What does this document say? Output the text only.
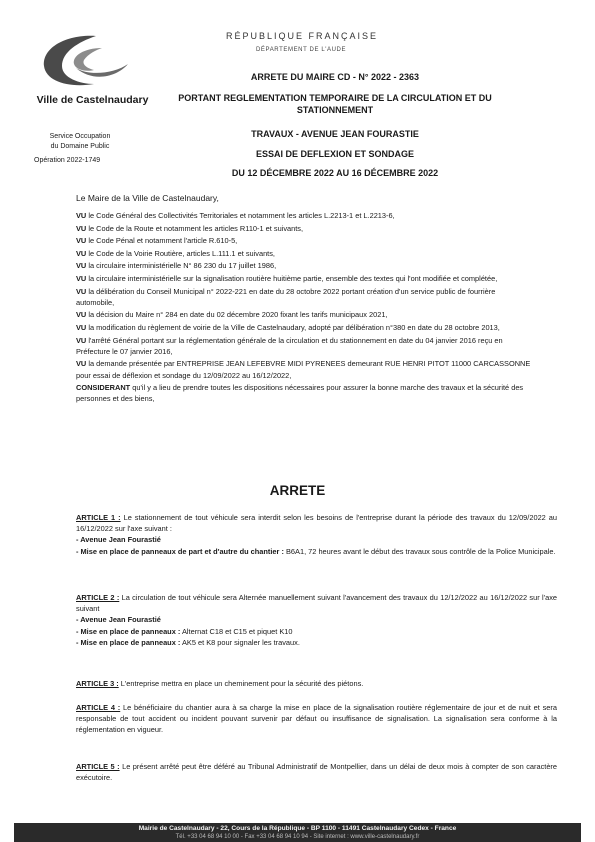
Ville de Castelnaudary
Service Occupation
du Domaine Public
Opération 2022-1749
RÉPUBLIQUE FRANÇAISE
DÉPARTEMENT DE L'AUDE
ARRETE DU MAIRE CD - N° 2022 - 2363
PORTANT REGLEMENTATION TEMPORAIRE DE LA CIRCULATION ET DU STATIONNEMENT
TRAVAUX - AVENUE JEAN FOURASTIE
ESSAI DE DEFLEXION ET SONDAGE
DU 12 DÉCEMBRE 2022 AU 16 DÉCEMBRE 2022
Le Maire de la Ville de Castelnaudary,
VU le Code Général des Collectivités Territoriales et notamment les articles L.2213-1 et L.2213-6,
VU le Code de la Route et notamment les articles R110-1 et suivants,
VU le Code Pénal et notamment l'article R.610-5,
VU le Code de la Voirie Routière, articles L.111.1 et suivants,
VU la circulaire interministérielle N° 86 230 du 17 juillet 1986,
VU la circulaire interministérielle sur la signalisation routière huitième partie, ensemble des textes qui l'ont modifiée et complétée,
VU la délibération du Conseil Municipal n° 2022-221 en date du 28 octobre 2022 portant création d'un service public de fourrière automobile,
VU la décision du Maire n° 284 en date du 02 décembre 2020 fixant les tarifs municipaux 2021,
VU la modification du règlement de voirie de la Ville de Castelnaudary, adopté par délibération n°380 en date du 28 octobre 2013,
VU l'arrêté Général portant sur la réglementation générale de la circulation et du stationnement en date du 04 janvier 2016 reçu en Préfecture le 07 janvier 2016,
VU la demande présentée par ENTREPRISE JEAN LEFEBVRE MIDI PYRENEES demeurant RUE HENRI PITOT 11000 CARCASSONNE pour essai de déflexion et sondage du 12/09/2022 au 16/12/2022,
CONSIDERANT qu'il y a lieu de prendre toutes les dispositions nécessaires pour assurer la bonne marche des travaux et la sécurité des personnes et des biens,
ARRETE

ARTICLE 1 : Le stationnement de tout véhicule sera interdit selon les besoins de l'entreprise durant la période des travaux du 12/09/2022 au 16/12/2022 sur l'axe suivant :

- Avenue Jean Fourastié

- Mise en place de panneaux de part et d'autre du chantier : B6A1, 72 heures avant le début des travaux sous contrôle de la Police Municipale.

ARTICLE 2 : La circulation de tout véhicule sera Alternée manuellement suivant l'avancement des travaux du 12/12/2022 au 16/12/2022 sur l'axe suivant

- Avenue Jean Fourastié

- Mise en place de panneaux : Alternat C18 et C15 et piquet K10

- Mise en place de panneaux : AK5 et K8 pour signaler les travaux.

ARTICLE 3 : L'entreprise mettra en place un cheminement pour la sécurité des piétons.

ARTICLE 4 : Le bénéficiaire du chantier aura à sa charge la mise en place de la signalisation routière réglementaire de jour et de nuit et sera responsable de tout accident ou incident pouvant survenir par défaut ou insuffisance de signalisation. La signalisation sera conforme à la réglementation en vigueur.

ARTICLE 5 : Le présent arrêté peut être déféré au Tribunal Administratif de Montpellier, dans un délai de deux mois à compter de son caractère exécutoire.

Mairie de Castelnaudary - 22, Cours de la République - BP 1100 - 11491 Castelnaudary Cedex - France
Tél. +33 04 68 94 10 00 - Fax +33 04 68 94 10 94 - Site internet : www.ville-castelnaudary.fr
